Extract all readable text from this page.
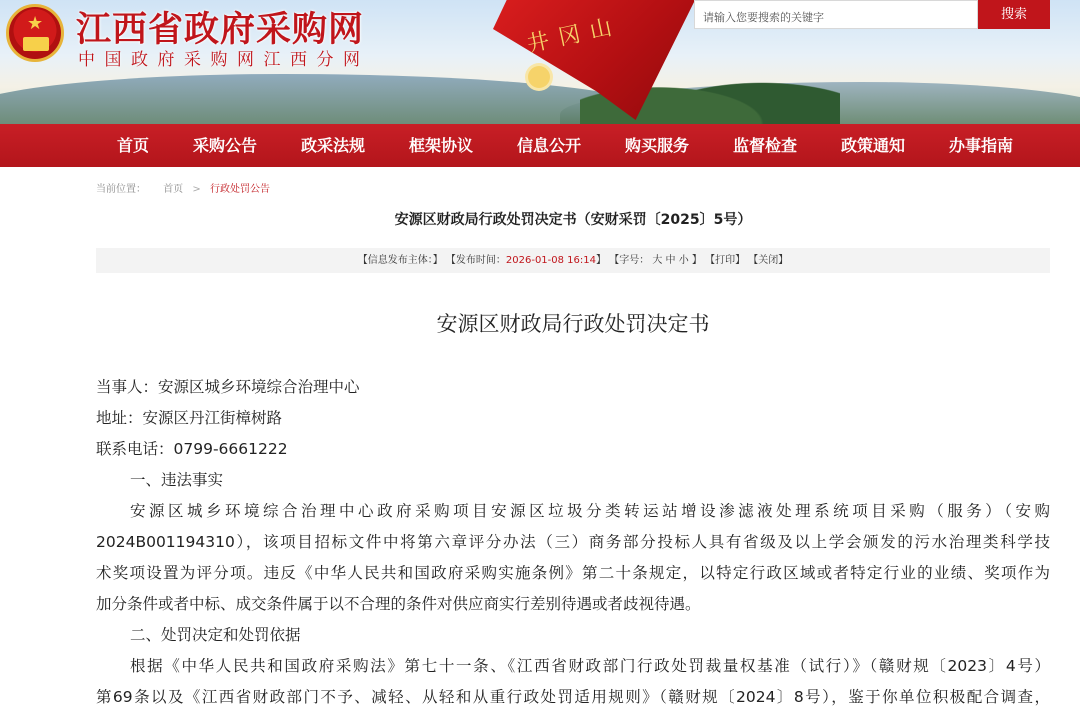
井冈山
★ 江西省政府采购网
中国政府采购网江西分网
请输入您要搜索的关键字	搜索
首页	采购公告	政采法规	框架协议	信息公开	购买服务	监督检查	政策通知	办事指南
当前位置： 首页 > 行政处罚公告
安源区财政局行政处罚决定书（安财采罚〔2025〕5号）
【信息发布主体：】 【发布时间：2026-01-08 16:14】 【字号： 大 中 小 】 【打印】 【关闭】
安源区财政局行政处罚决定书
当事人：安源区城乡环境综合治理中心
地址：安源区丹江街樟树路
联系电话：0799-6661222
一、违法事实
安源区城乡环境综合治理中心政府采购项目安源区垃圾分类转运站增设渗滤液处理系统项目采购（服务）（安购
2024B001194310），该项目招标文件中将第六章评分办法（三）商务部分投标人具有省级及以上学会颁发的污水治理类科学技
术奖项设置为评分项。违反《中华人民共和国政府采购实施条例》第二十条规定，以特定行政区域或者特定行业的业绩、奖项作为
加分条件或者中标、成交条件属于以不合理的条件对供应商实行差别待遇或者歧视待遇。
二、处罚决定和处罚依据
根据《中华人民共和国政府采购法》第七十一条、《江西省财政部门行政处罚裁量权基准（试行）》（赣财规〔2023〕4号）
第69条以及《江西省财政部门不予、减轻、从轻和从重行政处罚适用规则》（赣财规〔2024〕8号），鉴于你单位积极配合调查，
